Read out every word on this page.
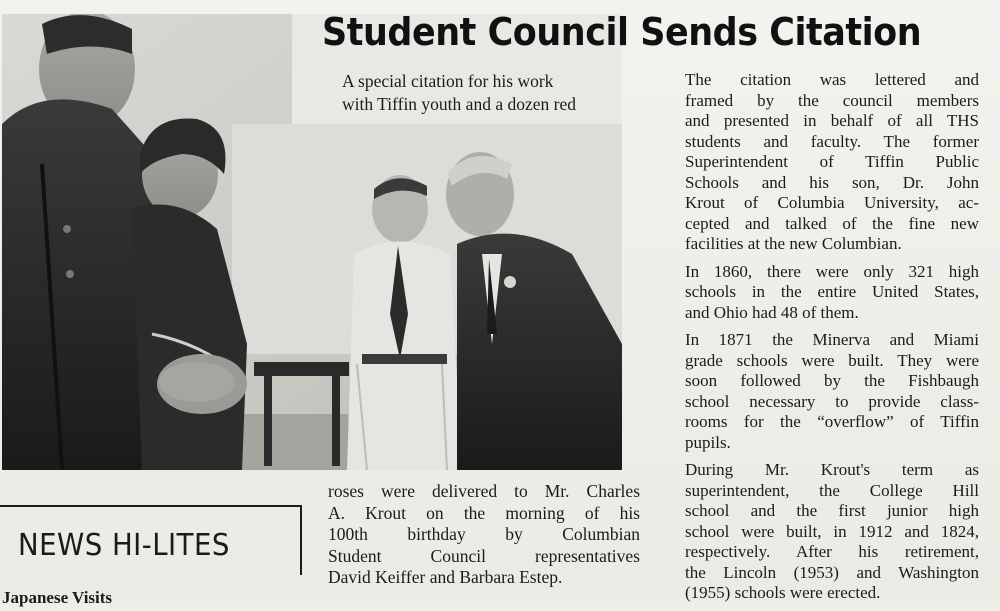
Student Council Sends Citation
A special citation for his work
with Tiffin youth and a dozen red
roses were delivered to Mr. Charles
A. Krout on the morning of his
100th birthday by Columbian
Student Council representatives
David Keiffer and Barbara Estep.

The citation was lettered and
framed by the council members
and presented in behalf of all THS
students and faculty. The former
Superintendent of Tiffin Public
Schools and his son, Dr. John
Krout of Columbia University, ac-
cepted and talked of the fine new
facilities at the new Columbian.

In 1860, there were only 321 high
schools in the entire United States,
and Ohio had 48 of them.

In 1871 the Minerva and Miami
grade schools were built. They were
soon followed by the Fishbaugh
school necessary to provide class-
rooms for the “overflow” of Tiffin
pupils.

During Mr. Krout's term as
superintendent, the College Hill
school and the first junior high
school were built, in 1912 and 1824,
respectively. After his retirement,
the Lincoln (1953) and Washington
(1955) schools were erected.

NEWS HI-LITES
Japanese Visits
